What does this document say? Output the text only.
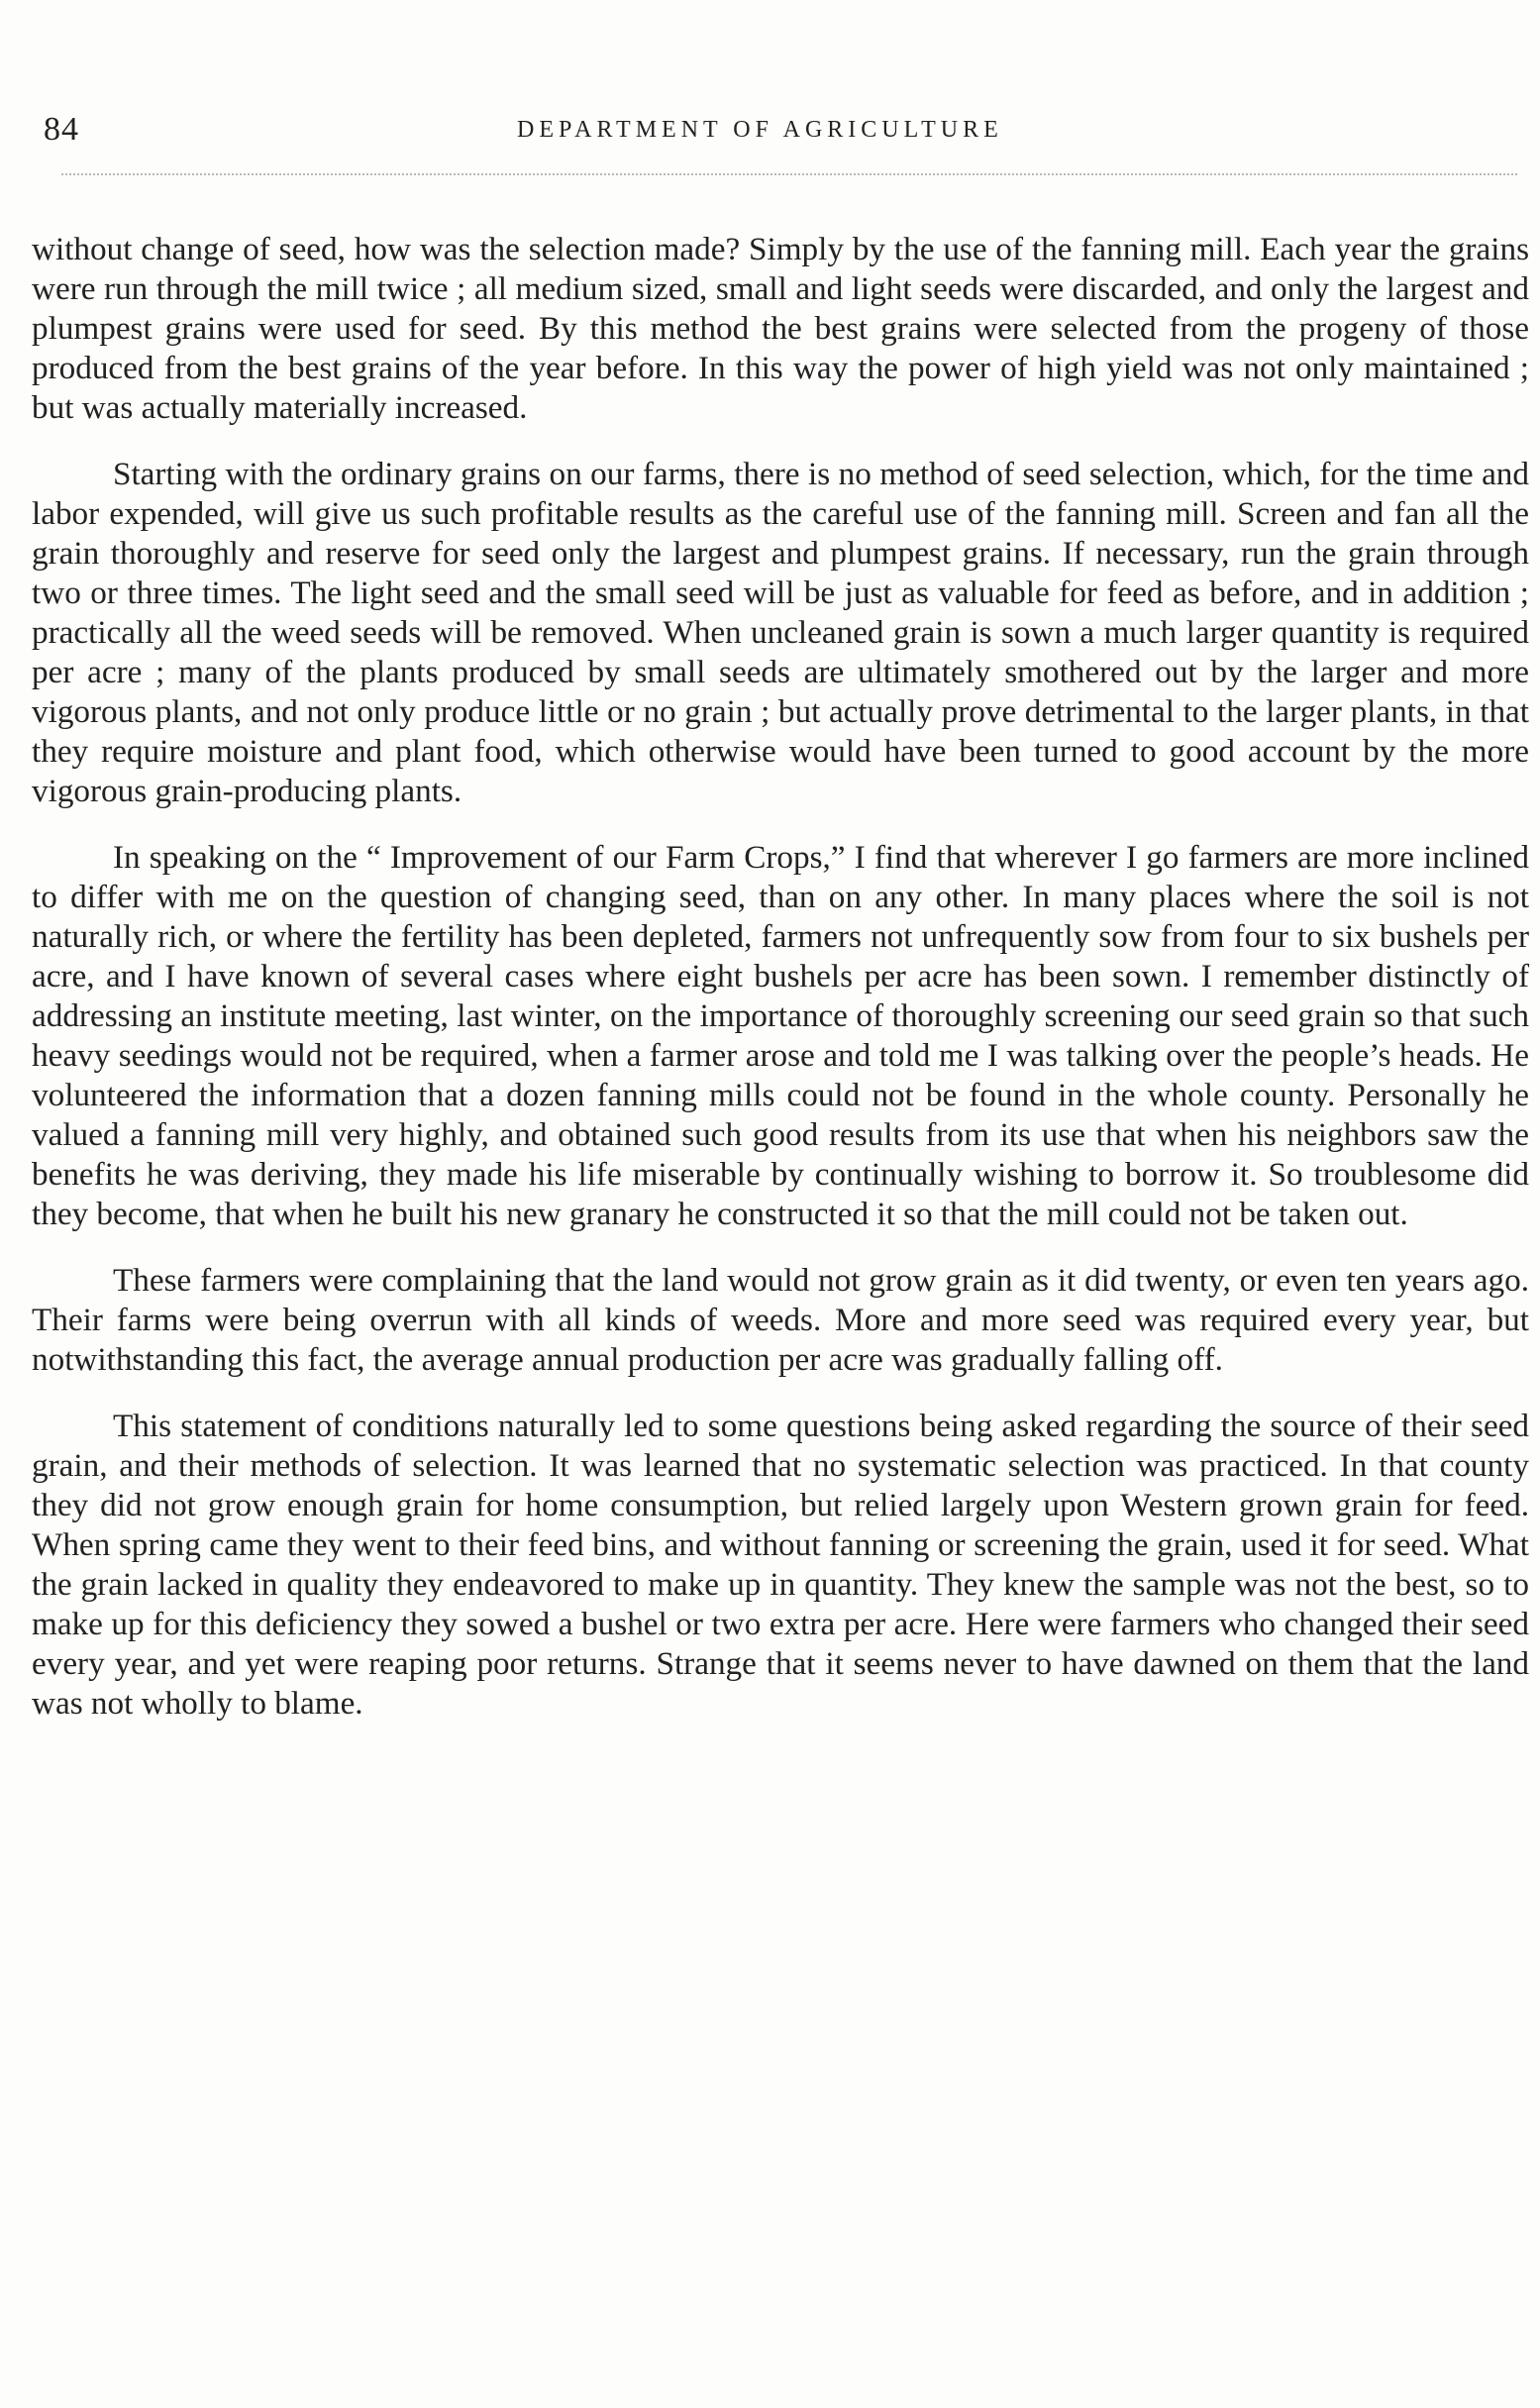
84	DEPARTMENT OF AGRICULTURE

without change of seed, how was the selection made? Simply by the use of the fanning mill. Each year the grains were run through the mill twice ; all medium sized, small and light seeds were discarded, and only the largest and plumpest grains were used for seed. By this method the best grains were selected from the progeny of those produced from the best grains of the year before. In this way the power of high yield was not only maintained ; but was actually materially increased.

Starting with the ordinary grains on our farms, there is no method of seed selection, which, for the time and labor expended, will give us such profitable results as the careful use of the fanning mill. Screen and fan all the grain thoroughly and reserve for seed only the largest and plumpest grains. If necessary, run the grain through two or three times. The light seed and the small seed will be just as valuable for feed as before, and in addition ; practically all the weed seeds will be removed. When uncleaned grain is sown a much larger quantity is required per acre ; many of the plants produced by small seeds are ultimately smothered out by the larger and more vigorous plants, and not only produce little or no grain ; but actually prove detrimental to the larger plants, in that they require moisture and plant food, which otherwise would have been turned to good account by the more vigorous grain-producing plants.

In speaking on the “ Improvement of our Farm Crops,” I find that wherever I go farmers are more inclined to differ with me on the question of changing seed, than on any other. In many places where the soil is not naturally rich, or where the fertility has been depleted, farmers not unfrequently sow from four to six bushels per acre, and I have known of several cases where eight bushels per acre has been sown. I remember distinctly of addressing an institute meeting, last winter, on the importance of thoroughly screening our seed grain so that such heavy seedings would not be required, when a farmer arose and told me I was talking over the people’s heads. He volunteered the information that a dozen fanning mills could not be found in the whole county. Personally he valued a fanning mill very highly, and obtained such good results from its use that when his neighbors saw the benefits he was deriving, they made his life miserable by continually wishing to borrow it. So troublesome did they become, that when he built his new granary he constructed it so that the mill could not be taken out.

These farmers were complaining that the land would not grow grain as it did twenty, or even ten years ago. Their farms were being overrun with all kinds of weeds. More and more seed was required every year, but notwithstanding this fact, the average annual production per acre was gradually falling off.

This statement of conditions naturally led to some questions being asked regarding the source of their seed grain, and their methods of selection. It was learned that no systematic selection was practiced. In that county they did not grow enough grain for home consumption, but relied largely upon Western grown grain for feed. When spring came they went to their feed bins, and without fanning or screening the grain, used it for seed. What the grain lacked in quality they endeavored to make up in quantity. They knew the sample was not the best, so to make up for this deficiency they sowed a bushel or two extra per acre. Here were farmers who changed their seed every year, and yet were reaping poor returns. Strange that it seems never to have dawned on them that the land was not wholly to blame.
